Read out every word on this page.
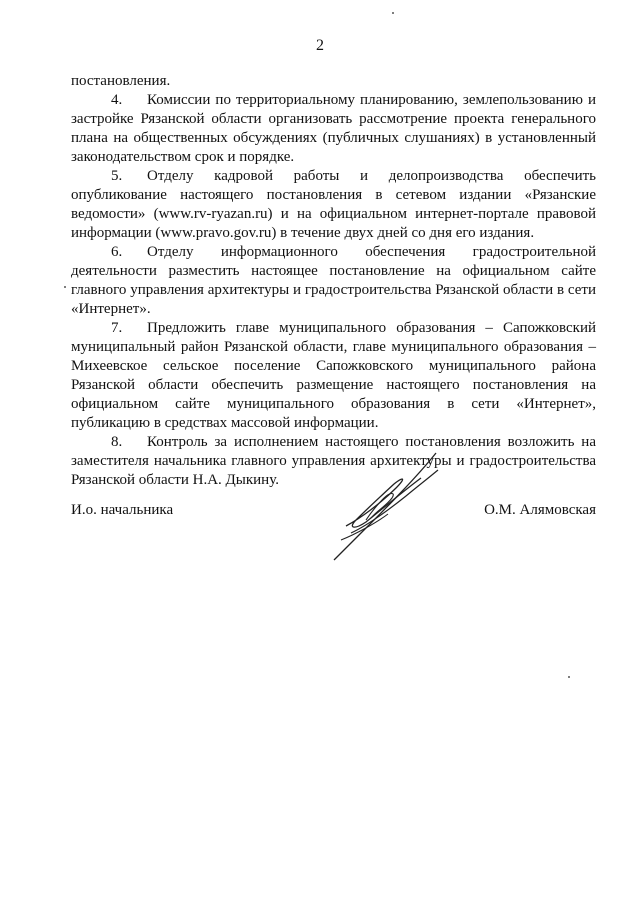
2

постановления.

4. Комиссии по территориальному планированию, землепользованию и застройке Рязанской области организовать рассмотрение проекта генерального плана на общественных обсуждениях (публичных слушаниях) в установленный законодательством срок и порядке.

5. Отделу кадровой работы и делопроизводства обеспечить опубликование настоящего постановления в сетевом издании «Рязанские ведомости» (www.rv-ryazan.ru) и на официальном интернет-портале правовой информации (www.pravo.gov.ru) в течение двух дней со дня его издания.

6. Отделу информационного обеспечения градостроительной деятельности разместить настоящее постановление на официальном сайте главного управления архитектуры и градостроительства Рязанской области в сети «Интернет».

7. Предложить главе муниципального образования – Сапожковский муниципальный район Рязанской области, главе муниципального образования – Михеевское сельское поселение Сапожковского муниципального района Рязанской области обеспечить размещение настоящего постановления на официальном сайте муниципального образования в сети «Интернет», публикацию в средствах массовой информации.

8. Контроль за исполнением настоящего постановления возложить на заместителя начальника главного управления архитектуры и градостроительства Рязанской области Н.А. Дыкину.

И.о. начальника	О.М. Алямовская
